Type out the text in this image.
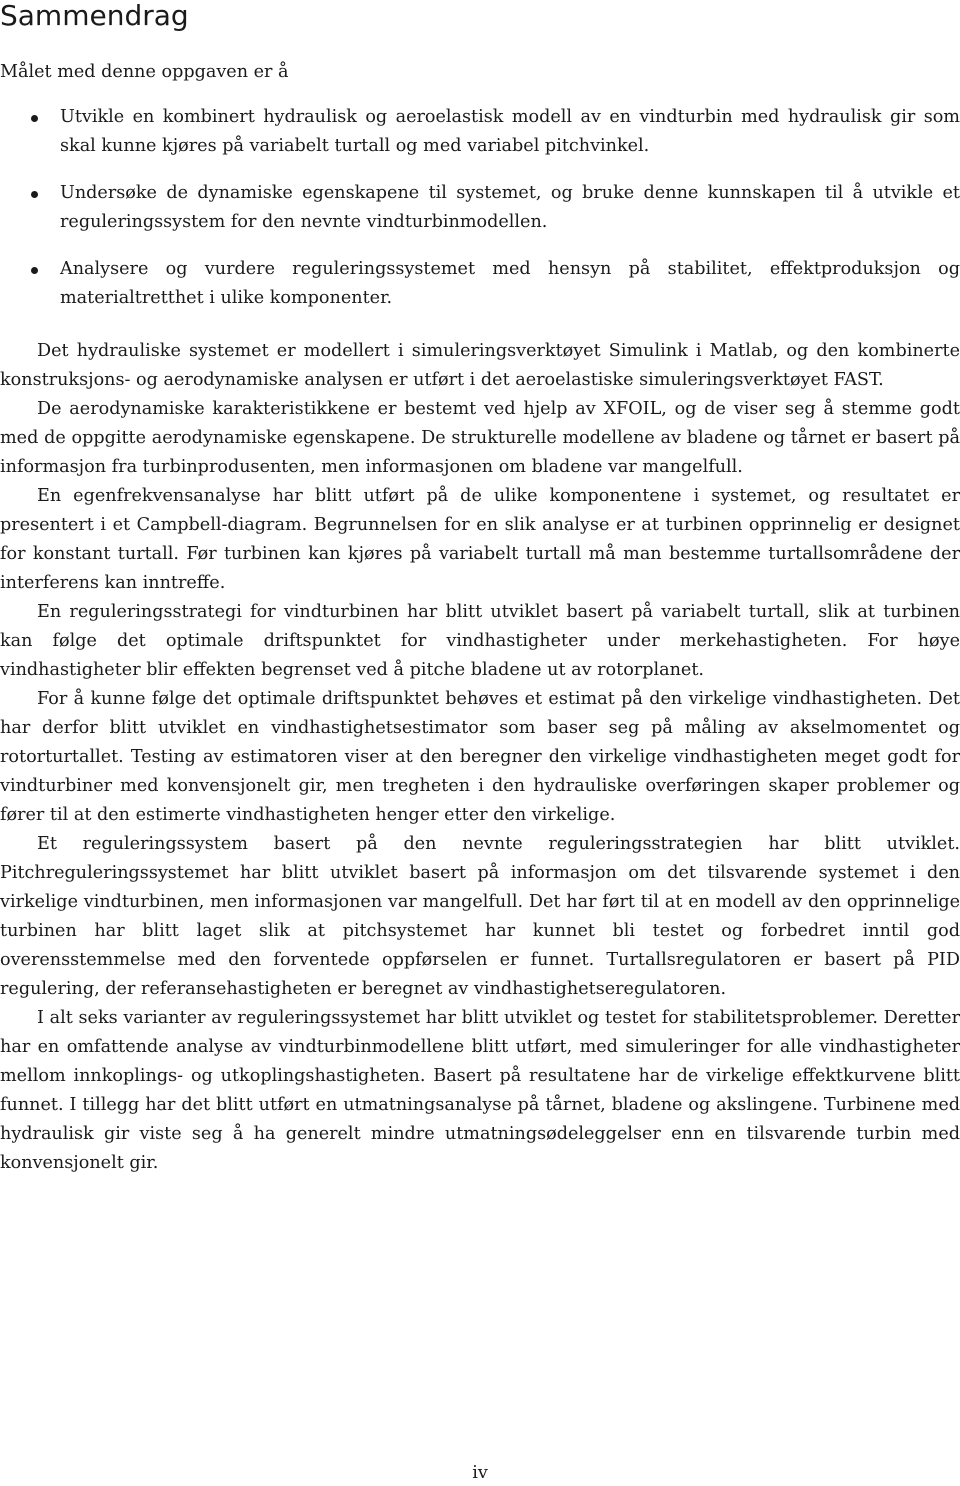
Sammendrag

Målet med denne oppgaven er å

Utvikle en kombinert hydraulisk og aeroelastisk modell av en vindturbin med hydraulisk gir som skal kunne kjøres på variabelt turtall og med variabel pitchvinkel.
Undersøke de dynamiske egenskapene til systemet, og bruke denne kunnskapen til å utvikle et reguleringssystem for den nevnte vindturbinmodellen.
Analysere og vurdere reguleringssystemet med hensyn på stabilitet, effektproduksjon og materialtretthet i ulike komponenter.

Det hydrauliske systemet er modellert i simuleringsverktøyet Simulink i Matlab, og den kombinerte konstruksjons- og aerodynamiske analysen er utført i det aeroelastiske simuleringsverktøyet FAST.

De aerodynamiske karakteristikkene er bestemt ved hjelp av XFOIL, og de viser seg å stemme godt med de oppgitte aerodynamiske egenskapene. De strukturelle modellene av bladene og tårnet er basert på informasjon fra turbinprodusenten, men informasjonen om bladene var mangelfull.

En egenfrekvensanalyse har blitt utført på de ulike komponentene i systemet, og resultatet er presentert i et Campbell-diagram. Begrunnelsen for en slik analyse er at turbinen opprinnelig er designet for konstant turtall. Før turbinen kan kjøres på variabelt turtall må man bestemme turtallsområdene der interferens kan inntreffe.

En reguleringsstrategi for vindturbinen har blitt utviklet basert på variabelt turtall, slik at turbinen kan følge det optimale driftspunktet for vindhastigheter under merkehastigheten. For høye vindhastigheter blir effekten begrenset ved å pitche bladene ut av rotorplanet.

For å kunne følge det optimale driftspunktet behøves et estimat på den virkelige vindhastigheten. Det har derfor blitt utviklet en vindhastighetsestimator som baser seg på måling av akselmomentet og rotorturtallet. Testing av estimatoren viser at den beregner den virkelige vindhastigheten meget godt for vindturbiner med konvensjonelt gir, men tregheten i den hydrauliske overføringen skaper problemer og fører til at den estimerte vindhastigheten henger etter den virkelige.

Et reguleringssystem basert på den nevnte reguleringsstrategien har blitt utviklet. Pitchreguleringssystemet har blitt utviklet basert på informasjon om det tilsvarende systemet i den virkelige vindturbinen, men informasjonen var mangelfull. Det har ført til at en modell av den opprinnelige turbinen har blitt laget slik at pitchsystemet har kunnet bli testet og forbedret inntil god overensstemmelse med den forventede oppførselen er funnet. Turtallsregulatoren er basert på PID regulering, der referansehastigheten er beregnet av vindhastighetseregulatoren.

I alt seks varianter av reguleringssystemet har blitt utviklet og testet for stabilitetsproblemer. Deretter har en omfattende analyse av vindturbinmodellene blitt utført, med simuleringer for alle vindhastigheter mellom innkoplings- og utkoplingshastigheten. Basert på resultatene har de virkelige effektkurvene blitt funnet. I tillegg har det blitt utført en utmatningsanalyse på tårnet, bladene og akslingene. Turbinene med hydraulisk gir viste seg å ha generelt mindre utmatningsødeleggelser enn en tilsvarende turbin med konvensjonelt gir.

iv
